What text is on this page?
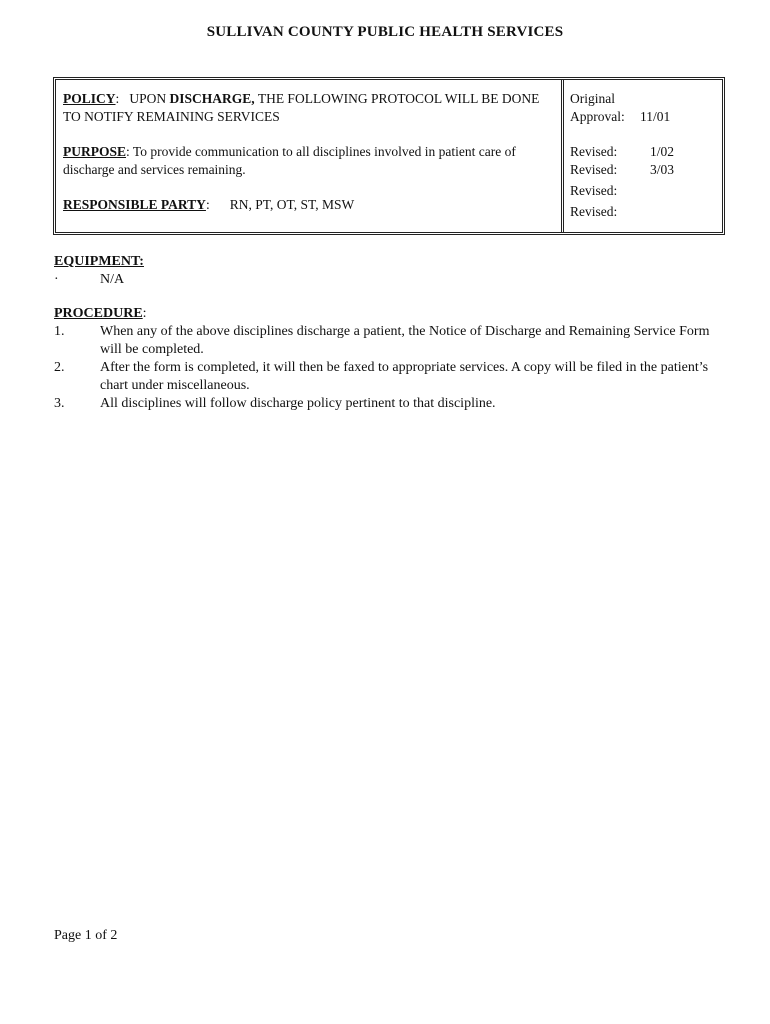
SULLIVAN COUNTY PUBLIC HEALTH SERVICES
POLICY: UPON DISCHARGE, THE FOLLOWING PROTOCOL WILL BE DONE TO NOTIFY REMAINING SERVICES
PURPOSE: To provide communication to all disciplines involved in patient care of discharge and services remaining.
RESPONSIBLE PARTY: RN, PT, OT, ST, MSW
Original
Approval:	11/01
Revised:	1/02
Revised:	3/03
Revised:
Revised:
EQUIPMENT:
·	N/A
PROCEDURE:
1.	When any of the above disciplines discharge a patient, the Notice of Discharge and Remaining Service Form will be completed.
2.	After the form is completed, it will then be faxed to appropriate services. A copy will be filed in the patient’s chart under miscellaneous.
3.	All disciplines will follow discharge policy pertinent to that discipline.
Page 1 of 2
